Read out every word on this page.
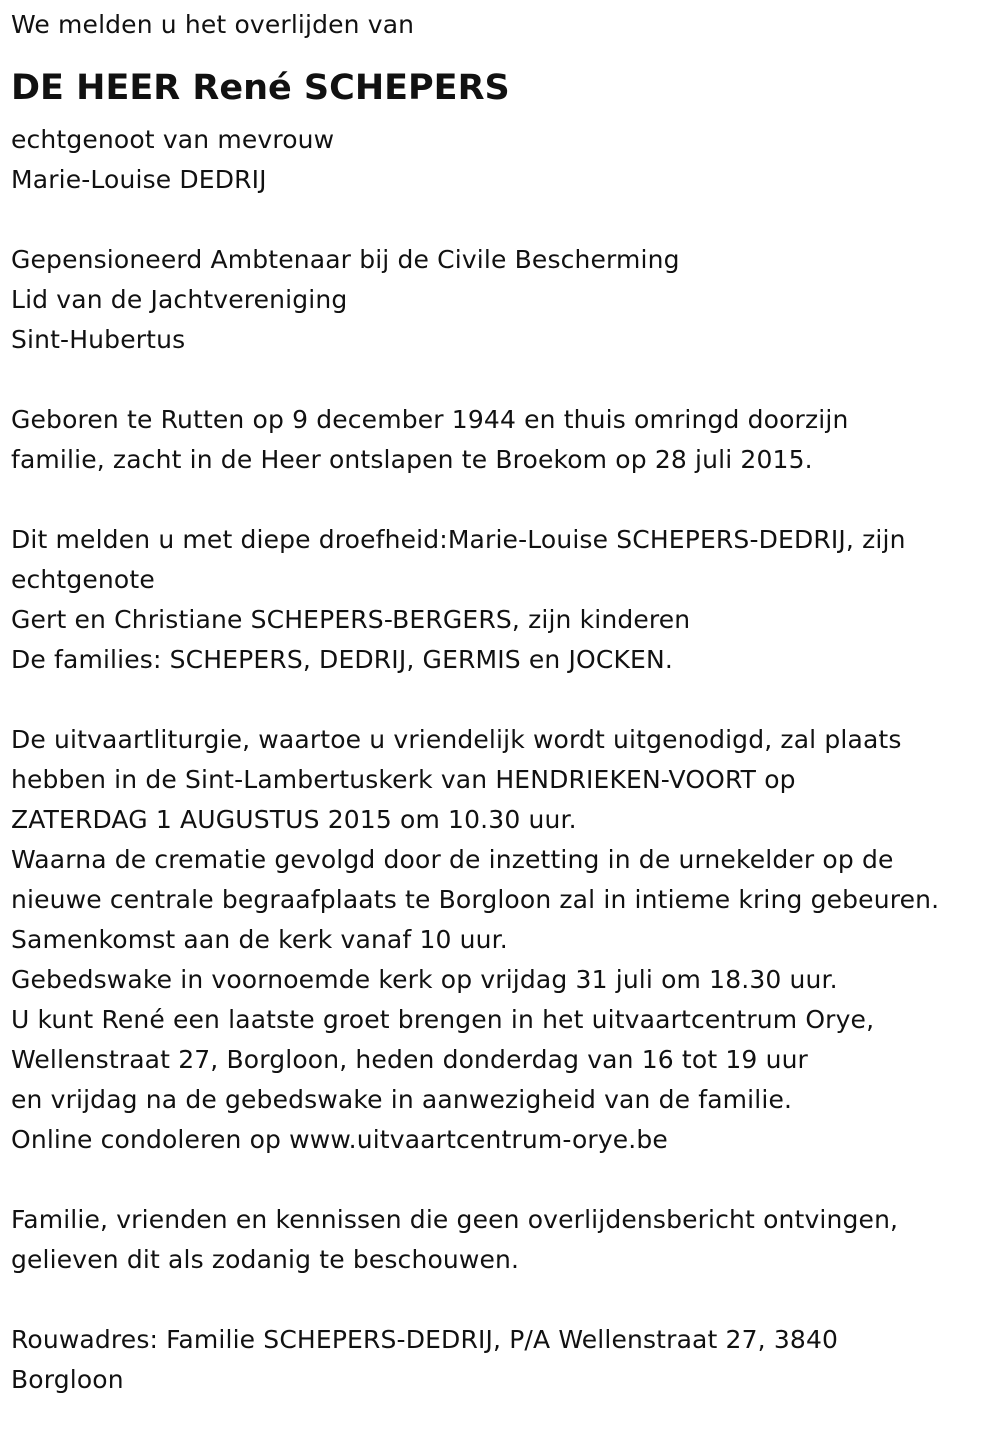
We melden u het overlijden van
DE HEER René SCHEPERS
echtgenoot van mevrouw
Marie-Louise DEDRIJ
Gepensioneerd Ambtenaar bij de Civile Bescherming
Lid van de Jachtvereniging
Sint-Hubertus
Geboren te Rutten op 9 december 1944 en thuis omringd doorzijn
familie, zacht in de Heer ontslapen te Broekom op 28 juli 2015.
Dit melden u met diepe droefheid:Marie-Louise SCHEPERS-DEDRIJ, zijn
echtgenote
Gert en Christiane SCHEPERS-BERGERS, zijn kinderen
De families: SCHEPERS, DEDRIJ, GERMIS en JOCKEN.
De uitvaartliturgie, waartoe u vriendelijk wordt uitgenodigd, zal plaats
hebben in de Sint-Lambertuskerk van HENDRIEKEN-VOORT op
ZATERDAG 1 AUGUSTUS 2015 om 10.30 uur.
Waarna de crematie gevolgd door de inzetting in de urnekelder op de
nieuwe centrale begraafplaats te Borgloon zal in intieme kring gebeuren.
Samenkomst aan de kerk vanaf 10 uur.
Gebedswake in voornoemde kerk op vrijdag 31 juli om 18.30 uur.
U kunt René een laatste groet brengen in het uitvaartcentrum Orye,
Wellenstraat 27, Borgloon, heden donderdag van 16 tot 19 uur
en vrijdag na de gebedswake in aanwezigheid van de familie.
Online condoleren op www.uitvaartcentrum-orye.be
Familie, vrienden en kennissen die geen overlijdensbericht ontvingen,
gelieven dit als zodanig te beschouwen.
Rouwadres: Familie SCHEPERS-DEDRIJ, P/A Wellenstraat 27, 3840
Borgloon
